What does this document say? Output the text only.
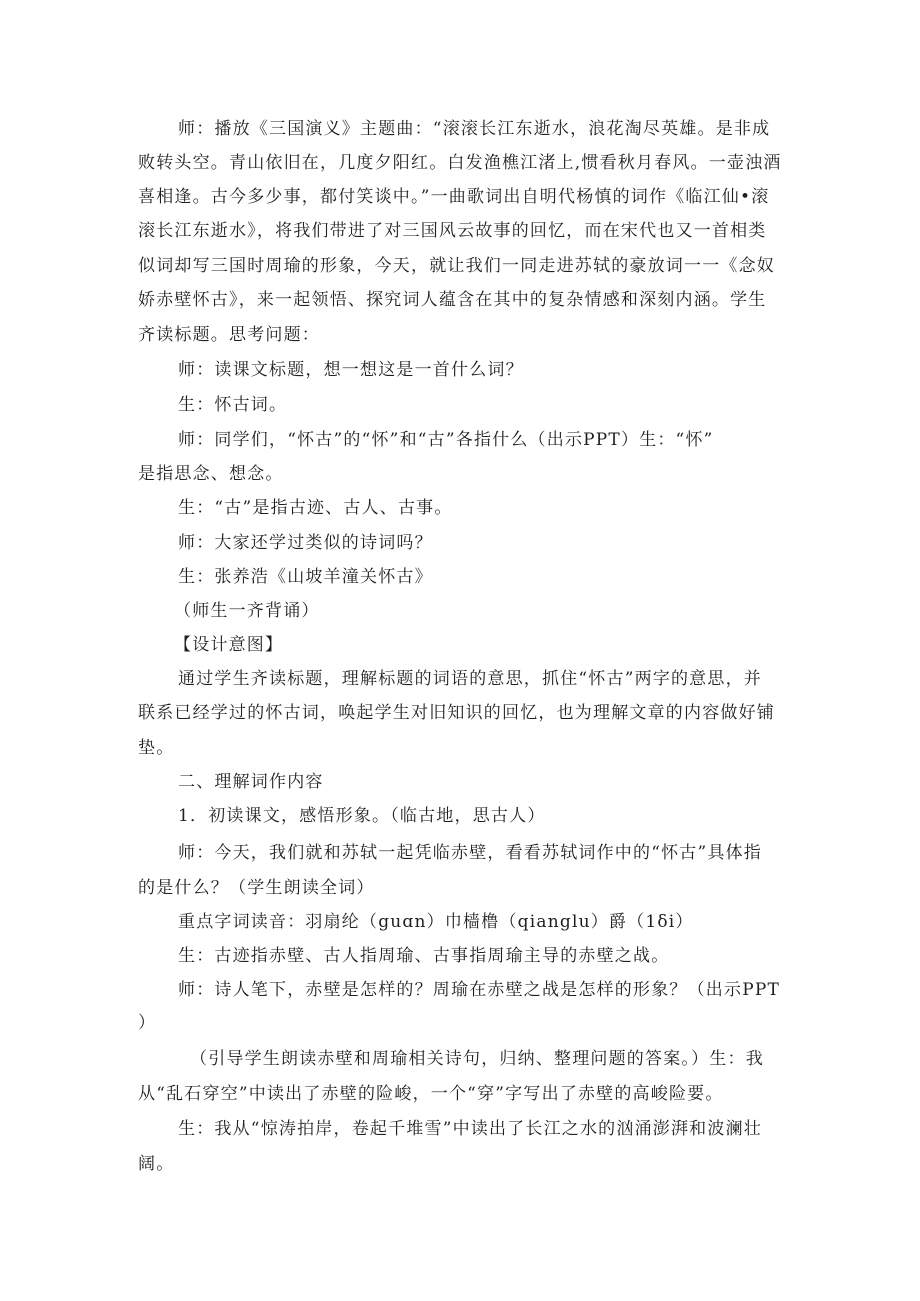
师：播放《三国演义》主题曲：“滚滚长江东逝水，浪花淘尽英雄。是非成
败转头空。青山依旧在，几度夕阳红。白发渔樵江渚上,惯看秋月春风。一壶浊酒
喜相逢。古今多少事，都付笑谈中。”一曲歌词出自明代杨慎的词作《临江仙•滚
滚长江东逝水》，将我们带进了对三国风云故事的回忆，而在宋代也又一首相类
似词却写三国时周瑜的形象，今天，就让我们一同走进苏轼的豪放词一一《念奴
娇赤壁怀古》，来一起领悟、探究词人蕴含在其中的复杂情感和深刻内涵。学生
齐读标题。思考问题：
师：读课文标题，想一想这是一首什么词？
生：怀古词。
师：同学们，“怀古”的“怀”和“古”各指什么（出示PPT）生：“怀”
是指思念、想念。
生：“古”是指古迹、古人、古事。
师：大家还学过类似的诗词吗？
生：张养浩《山坡羊潼关怀古》
（师生一齐背诵）
【设计意图】
通过学生齐读标题，理解标题的词语的意思，抓住“怀古”两字的意思，并
联系已经学过的怀古词，唤起学生对旧知识的回忆，也为理解文章的内容做好铺
垫。
二、理解词作内容
1．初读课文，感悟形象。（临古地，思古人）
师：今天，我们就和苏轼一起凭临赤壁，看看苏轼词作中的“怀古”具体指
的是什么？（学生朗读全词）
重点字词读音：羽扇纶（guɑn）巾樯橹（qianglu）爵（1δi）
生：古迹指赤壁、古人指周瑜、古事指周瑜主导的赤壁之战。
师：诗人笔下，赤壁是怎样的？周瑜在赤壁之战是怎样的形象？（出示PPT
）
（引导学生朗读赤壁和周瑜相关诗句，归纳、整理问题的答案。）生：我
从“乱石穿空”中读出了赤壁的险峻，一个“穿”字写出了赤壁的高峻险要。
生：我从“惊涛拍岸，卷起千堆雪”中读出了长江之水的汹涌澎湃和波澜壮
阔。
